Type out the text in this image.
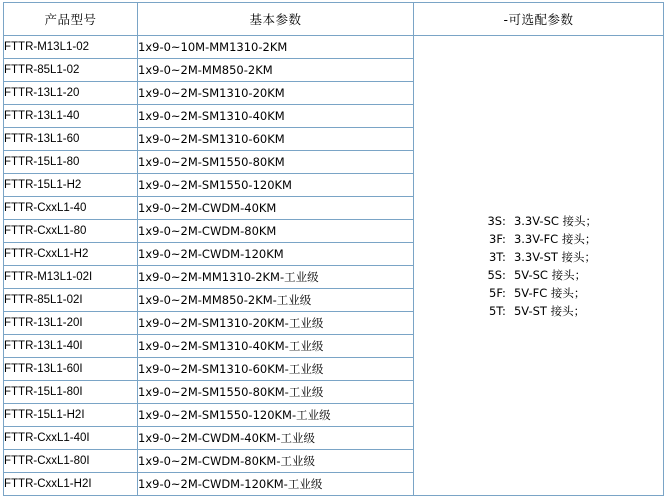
产品型号	基本参数	-可选配参数
FTTR-M13L1-02	1x9-0~10M-MM1310-2KM	
3S: 3.3V-SC 接头；
3F: 3.3V-FC 接头；
3T: 3.3V-ST 接头；
5S: 5V-SC 接头；
5F: 5V-FC 接头；
5T: 5V-ST 接头；

FTTR-85L1-02	1x9-0~2M-MM850-2KM	
FTTR-13L1-20	1x9-0~2M-SM1310-20KM	
FTTR-13L1-40	1x9-0~2M-SM1310-40KM	
FTTR-13L1-60	1x9-0~2M-SM1310-60KM	
FTTR-15L1-80	1x9-0~2M-SM1550-80KM	
FTTR-15L1-H2	1x9-0~2M-SM1550-120KM	
FTTR-CxxL1-40	1x9-0~2M-CWDM-40KM	
FTTR-CxxL1-80	1x9-0~2M-CWDM-80KM	
FTTR-CxxL1-H2	1x9-0~2M-CWDM-120KM	
FTTR-M13L1-02I	1x9-0~2M-MM1310-2KM-工业级	
FTTR-85L1-02I	1x9-0~2M-MM850-2KM-工业级	
FTTR-13L1-20I	1x9-0~2M-SM1310-20KM-工业级	
FTTR-13L1-40I	1x9-0~2M-SM1310-40KM-工业级	
FTTR-13L1-60I	1x9-0~2M-SM1310-60KM-工业级	
FTTR-15L1-80I	1x9-0~2M-SM1550-80KM-工业级	
FTTR-15L1-H2I	1x9-0~2M-SM1550-120KM-工业级	
FTTR-CxxL1-40I	1x9-0~2M-CWDM-40KM-工业级	
FTTR-CxxL1-80I	1x9-0~2M-CWDM-80KM-工业级	
FTTR-CxxL1-H2I	1x9-0~2M-CWDM-120KM-工业级	
